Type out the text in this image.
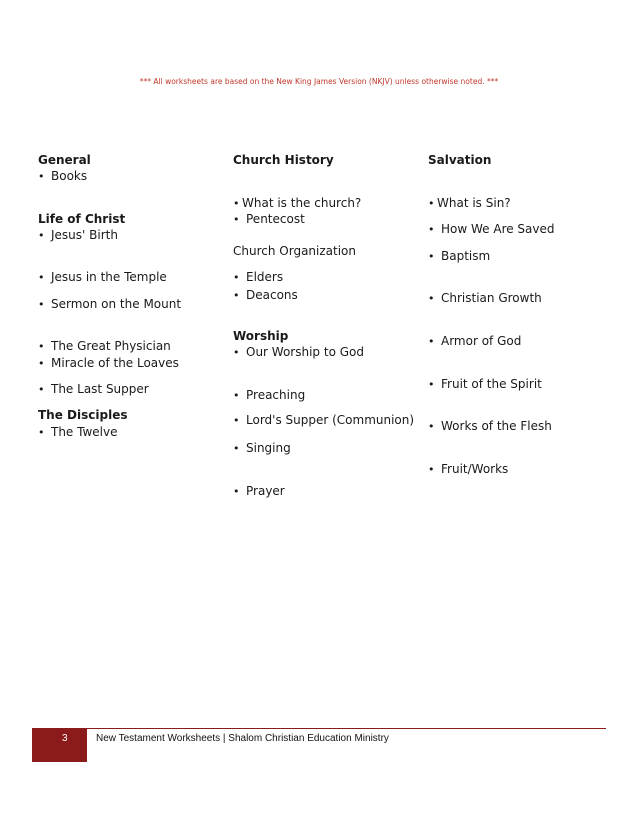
*** All worksheets are based on the New King James Version (NKJV) unless otherwise noted. ***
General
• Books
Life of Christ
• Jesus' Birth
• Jesus in the Temple
• Sermon on the Mount
• The Great Physician
• Miracle of the Loaves
• The Last Supper
The Disciples
• The Twelve
Church History
• What is the church?
• Pentecost
Church Organization
• Elders
• Deacons
Worship
• Our Worship to God
• Preaching
• Lord's Supper (Communion)
• Singing
• Prayer
Salvation
• What is Sin?
• How We Are Saved
• Baptism
• Christian Growth
• Armor of God
• Fruit of the Spirit
• Works of the Flesh
• Fruit/Works
3	New Testament Worksheets | Shalom Christian Education Ministry
